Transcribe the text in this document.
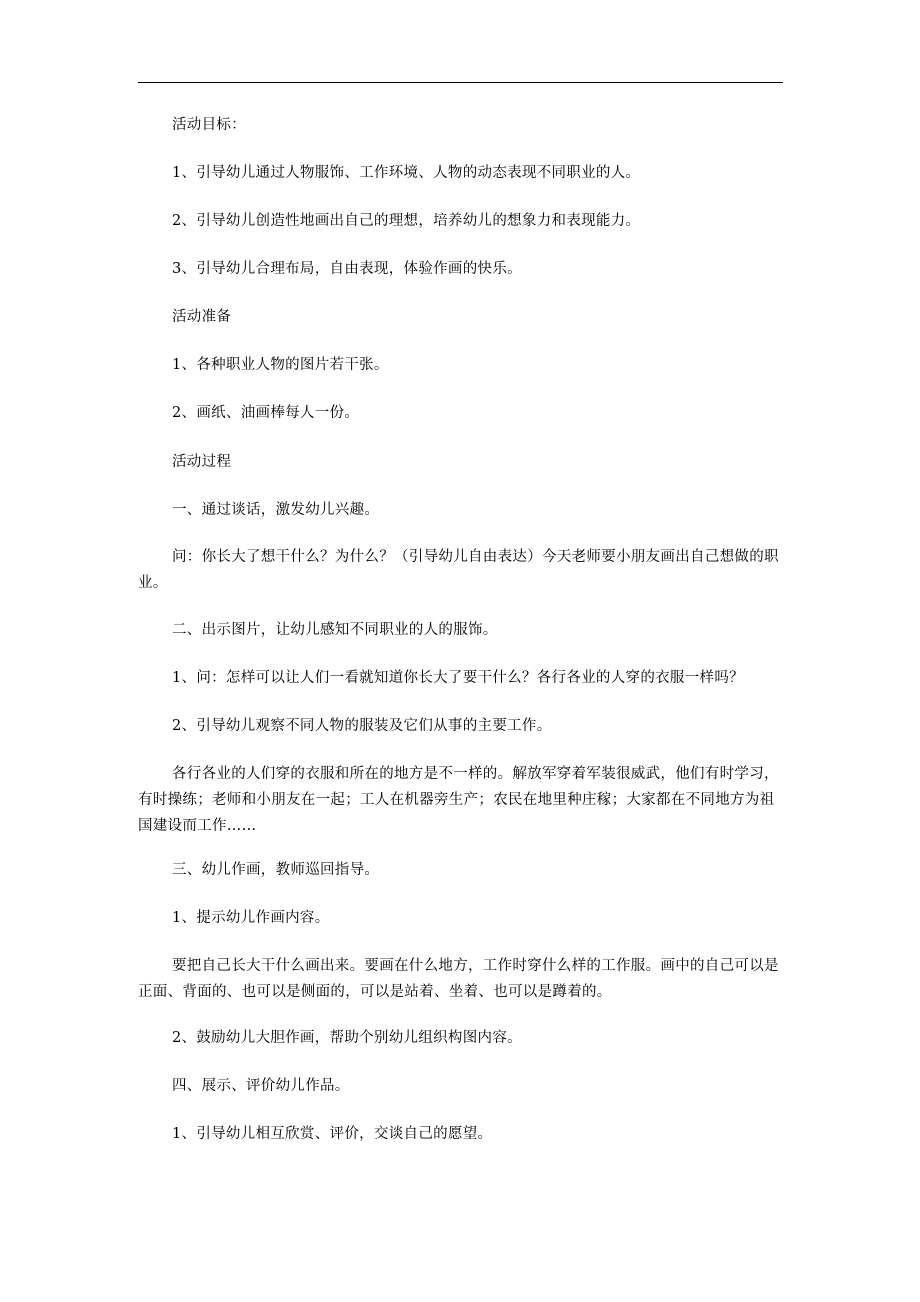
活动目标：

1、引导幼儿通过人物服饰、工作环境、人物的动态表现不同职业的人。

2、引导幼儿创造性地画出自己的理想，培养幼儿的想象力和表现能力。

3、引导幼儿合理布局，自由表现，体验作画的快乐。

活动准备

1、各种职业人物的图片若干张。

2、画纸、油画棒每人一份。

活动过程

一、通过谈话，激发幼儿兴趣。

问：你长大了想干什么？为什么？（引导幼儿自由表达）今天老师要小朋友画出自己想做的职业。

二、出示图片，让幼儿感知不同职业的人的服饰。

1、问：怎样可以让人们一看就知道你长大了要干什么？各行各业的人穿的衣服一样吗？

2、引导幼儿观察不同人物的服装及它们从事的主要工作。

各行各业的人们穿的衣服和所在的地方是不一样的。解放军穿着军装很威武，他们有时学习，有时操练；老师和小朋友在一起；工人在机器旁生产；农民在地里种庄稼；大家都在不同地方为祖国建设而工作……

三、幼儿作画，教师巡回指导。

1、提示幼儿作画内容。

要把自己长大干什么画出来。要画在什么地方，工作时穿什么样的工作服。画中的自己可以是正面、背面的、也可以是侧面的，可以是站着、坐着、也可以是蹲着的。

2、鼓励幼儿大胆作画，帮助个别幼儿组织构图内容。

四、展示、评价幼儿作品。

1、引导幼儿相互欣赏、评价，交谈自己的愿望。
